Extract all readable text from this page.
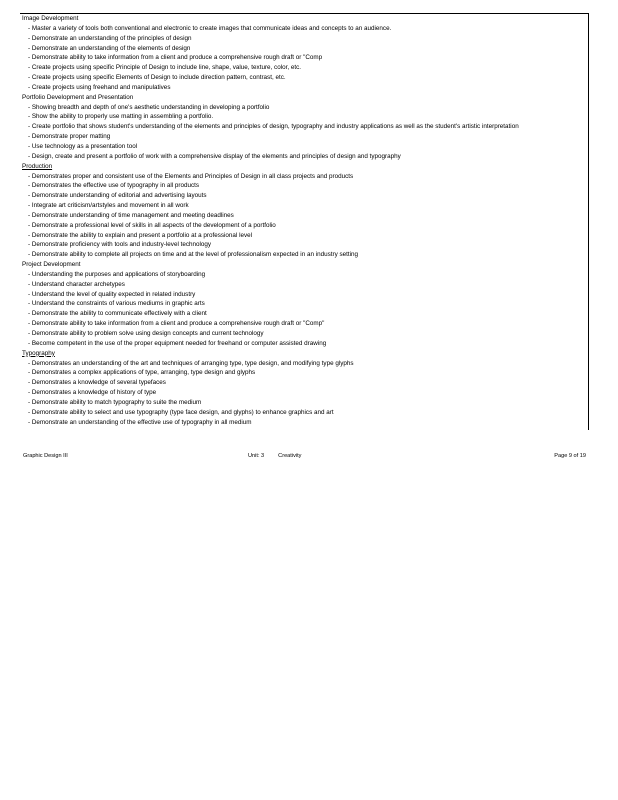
Image Development
- Master a variety of tools both conventional and electronic to create images that communicate ideas and concepts to an audience.
- Demonstrate an understanding of the principles of design
- Demonstrate an understanding of the elements of design
- Demonstrate ability to take information from a client and produce a comprehensive rough draft or "Comp
- Create projects using specific Principle of Design to include line, shape, value, texture, color, etc.
- Create projects using specific Elements of Design to include direction pattern, contrast, etc.
- Create projects using freehand and manipulatives
Portfolio Development and Presentation
- Showing breadth and depth of one's aesthetic understanding in developing a portfolio
- Show the ability to properly use matting in assembling a portfolio.
- Create portfolio that shows student's understanding of the elements and principles of design, typography and industry applications as well as the student's artistic interpretation
- Demonstrate proper matting
- Use technology as a presentation tool
- Design, create and present a portfolio of work with a comprehensive display of the elements and principles of design and typography
Production
- Demonstrates proper and consistent use of the Elements and Principles of Design in all class projects and products
- Demonstrates the effective use of typography in all products
- Demonstrate understanding of editorial and advertising layouts
- Integrate art criticism/artstyles and movement in all work
- Demonstrate understanding of time management and meeting deadlines
- Demonstrate a professional level of skills in all aspects of the development of a portfolio
- Demonstrate the ability to explain and present a portfolio at a professional level
- Demonstrate proficiency with tools and industry-level technology
- Demonstrate ability to complete all projects on time and at the level of professionalism expected in an industry setting
Project Development
- Understanding the purposes and applications of storyboarding
- Understand character archetypes
- Understand the level of quality expected in related industry
- Understand the constraints of various mediums in graphic arts
- Demonstrate the ability to communicate effectively with a client
- Demonstrate ability to take information from a client and produce a comprehensive rough draft or "Comp"
- Demonstrate ability to problem solve using design concepts and current technology
- Become competent in the use of the proper equipment needed for freehand or computer assisted drawing
Typography
- Demonstrates an understanding of the art and techniques of arranging type, type design, and modifying type glyphs
- Demonstrates a complex applications of type, arranging, type design and glyphs
- Demonstrates a knowledge of several typefaces
- Demonstrates a knowledge of history of type
- Demonstrate ability to match typography to suite the medium
- Demonstrate ability to select and use typography (type face design, and glyphs) to enhance graphics and art
- Demonstrate an understanding of the effective use of typography in all medium
Graphic Design III	Unit: 3	Creativity	Page 9 of 19
